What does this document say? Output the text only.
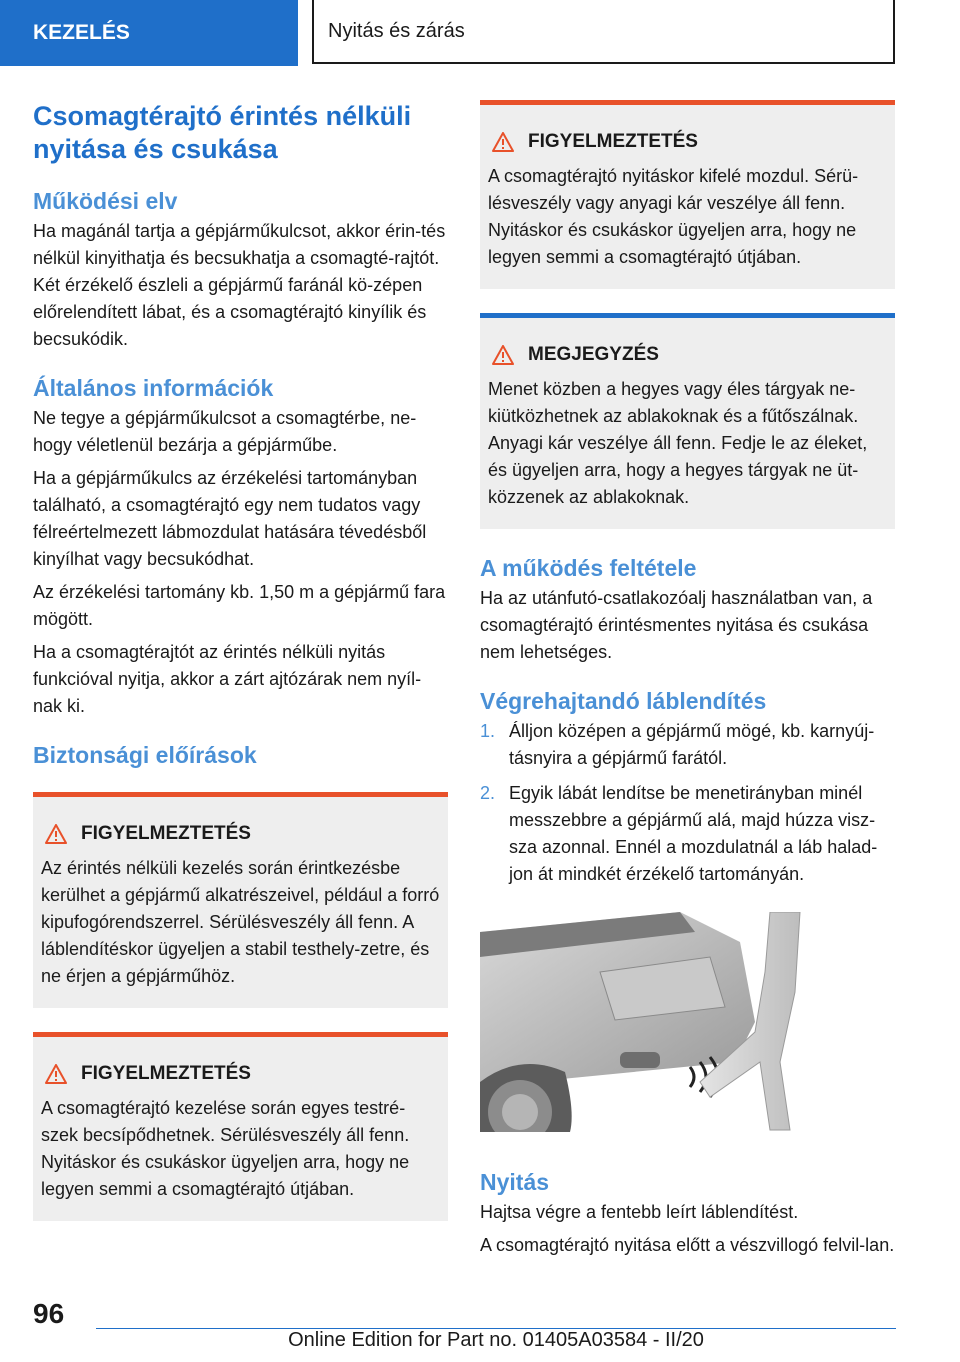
KEZELÉS	Nyitás és zárás
Csomagtérajtó érintés nélküli nyitása és csukása
Működési elv

Ha magánál tartja a gépjárműkulcsot, akkor érin-tés nélkül kinyithatja és becsukhatja a csomagté-rajtót. Két érzékelő észleli a gépjármű faránál kö-zépen előrelendített lábat, és a csomagtérajtó kinyílik és becsukódik.

Általános információk

Ne tegye a gépjárműkulcsot a csomagtérbe, ne-hogy véletlenül bezárja a gépjárműbe.

Ha a gépjárműkulcs az érzékelési tartományban található, a csomagtérajtó egy nem tudatos vagy félreértelmezett lábmozdulat hatására tévedésből kinyílhat vagy becsukódhat.

Az érzékelési tartomány kb. 1,50 m a gépjármű fara mögött.

Ha a csomagtérajtót az érintés nélküli nyitás funkcióval nyitja, akkor a zárt ajtózárak nem nyíl-nak ki.

Biztonsági előírások
FIGYELMEZTETÉS

Az érintés nélküli kezelés során érintkezésbe kerülhet a gépjármű alkatrészeivel, például a forró kipufogórendszerrel. Sérülésveszély áll fenn. A láblendítéskor ügyeljen a stabil testhely-zetre, és ne érjen a gépjárműhöz.

FIGYELMEZTETÉS

A csomagtérajtó kezelése során egyes testré-szek becsípődhetnek. Sérülésveszély áll fenn. Nyitáskor és csukáskor ügyeljen arra, hogy ne legyen semmi a csomagtérajtó útjában.

FIGYELMEZTETÉS

A csomagtérajtó nyitáskor kifelé mozdul. Sérü-lésveszély vagy anyagi kár veszélye áll fenn. Nyitáskor és csukáskor ügyeljen arra, hogy ne legyen semmi a csomagtérajtó útjában.

MEGJEGYZÉS

Menet közben a hegyes vagy éles tárgyak ne-kiütközhetnek az ablakoknak és a fűtőszálnak. Anyagi kár veszélye áll fenn. Fedje le az éleket, és ügyeljen arra, hogy a hegyes tárgyak ne üt-közzenek az ablakoknak.

A működés feltétele

Ha az utánfutó-csatlakozóalj használatban van, a csomagtérajtó érintésmentes nyitása és csukása nem lehetséges.

Végrehajtandó láblendítés
1. Álljon középen a gépjármű mögé, kb. karnyúj-tásnyira a gépjármű farától.
2. Egyik lábát lendítse be menetirányban minél messzebbre a gépjármű alá, majd húzza visz-sza azonnal. Ennél a mozdulatnál a láb halad-jon át mindkét érzékelő tartományán.
Nyitás

Hajtsa végre a fentebb leírt láblendítést.

A csomagtérajtó nyitása előtt a vészvillogó felvil-lan.

96
Online Edition for Part no. 01405A03584 - II/20
